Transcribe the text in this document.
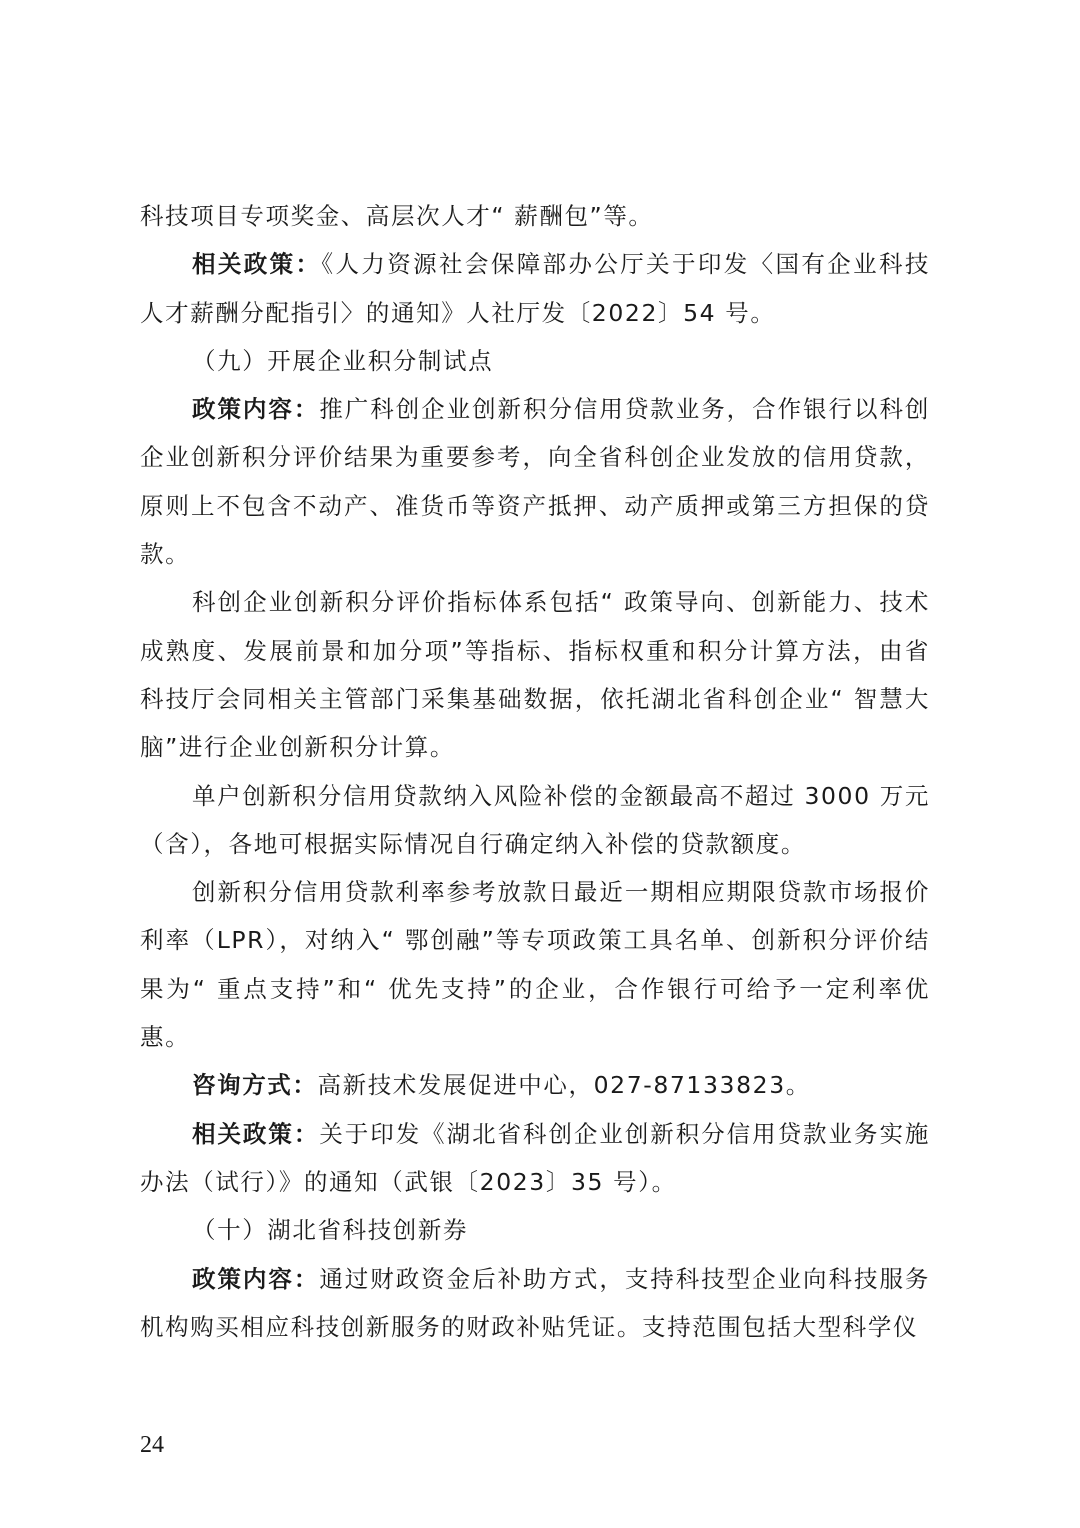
科技项目专项奖金、高层次人才“ 薪酬包”等。

相关政策：《人力资源社会保障部办公厅关于印发〈国有企业科技人才薪酬分配指引〉的通知》人社厅发〔2022〕54 号。

（九）开展企业积分制试点

政策内容：推广科创企业创新积分信用贷款业务，合作银行以科创企业创新积分评价结果为重要参考，向全省科创企业发放的信用贷款，原则上不包含不动产、准货币等资产抵押、动产质押或第三方担保的贷款。

科创企业创新积分评价指标体系包括“ 政策导向、创新能力、技术成熟度、发展前景和加分项”等指标、指标权重和积分计算方法，由省科技厅会同相关主管部门采集基础数据，依托湖北省科创企业“ 智慧大脑”进行企业创新积分计算。

单户创新积分信用贷款纳入风险补偿的金额最高不超过 3000 万元（含），各地可根据实际情况自行确定纳入补偿的贷款额度。

创新积分信用贷款利率参考放款日最近一期相应期限贷款市场报价利率（LPR），对纳入“ 鄂创融”等专项政策工具名单、创新积分评价结果为“ 重点支持”和“ 优先支持”的企业，合作银行可给予一定利率优惠。

咨询方式：高新技术发展促进中心，027-87133823。

相关政策：关于印发《湖北省科创企业创新积分信用贷款业务实施办法（试行）》的通知（武银〔2023〕35 号）。

（十）湖北省科技创新券

政策内容：通过财政资金后补助方式，支持科技型企业向科技服务机构购买相应科技创新服务的财政补贴凭证。支持范围包括大型科学仪

24
